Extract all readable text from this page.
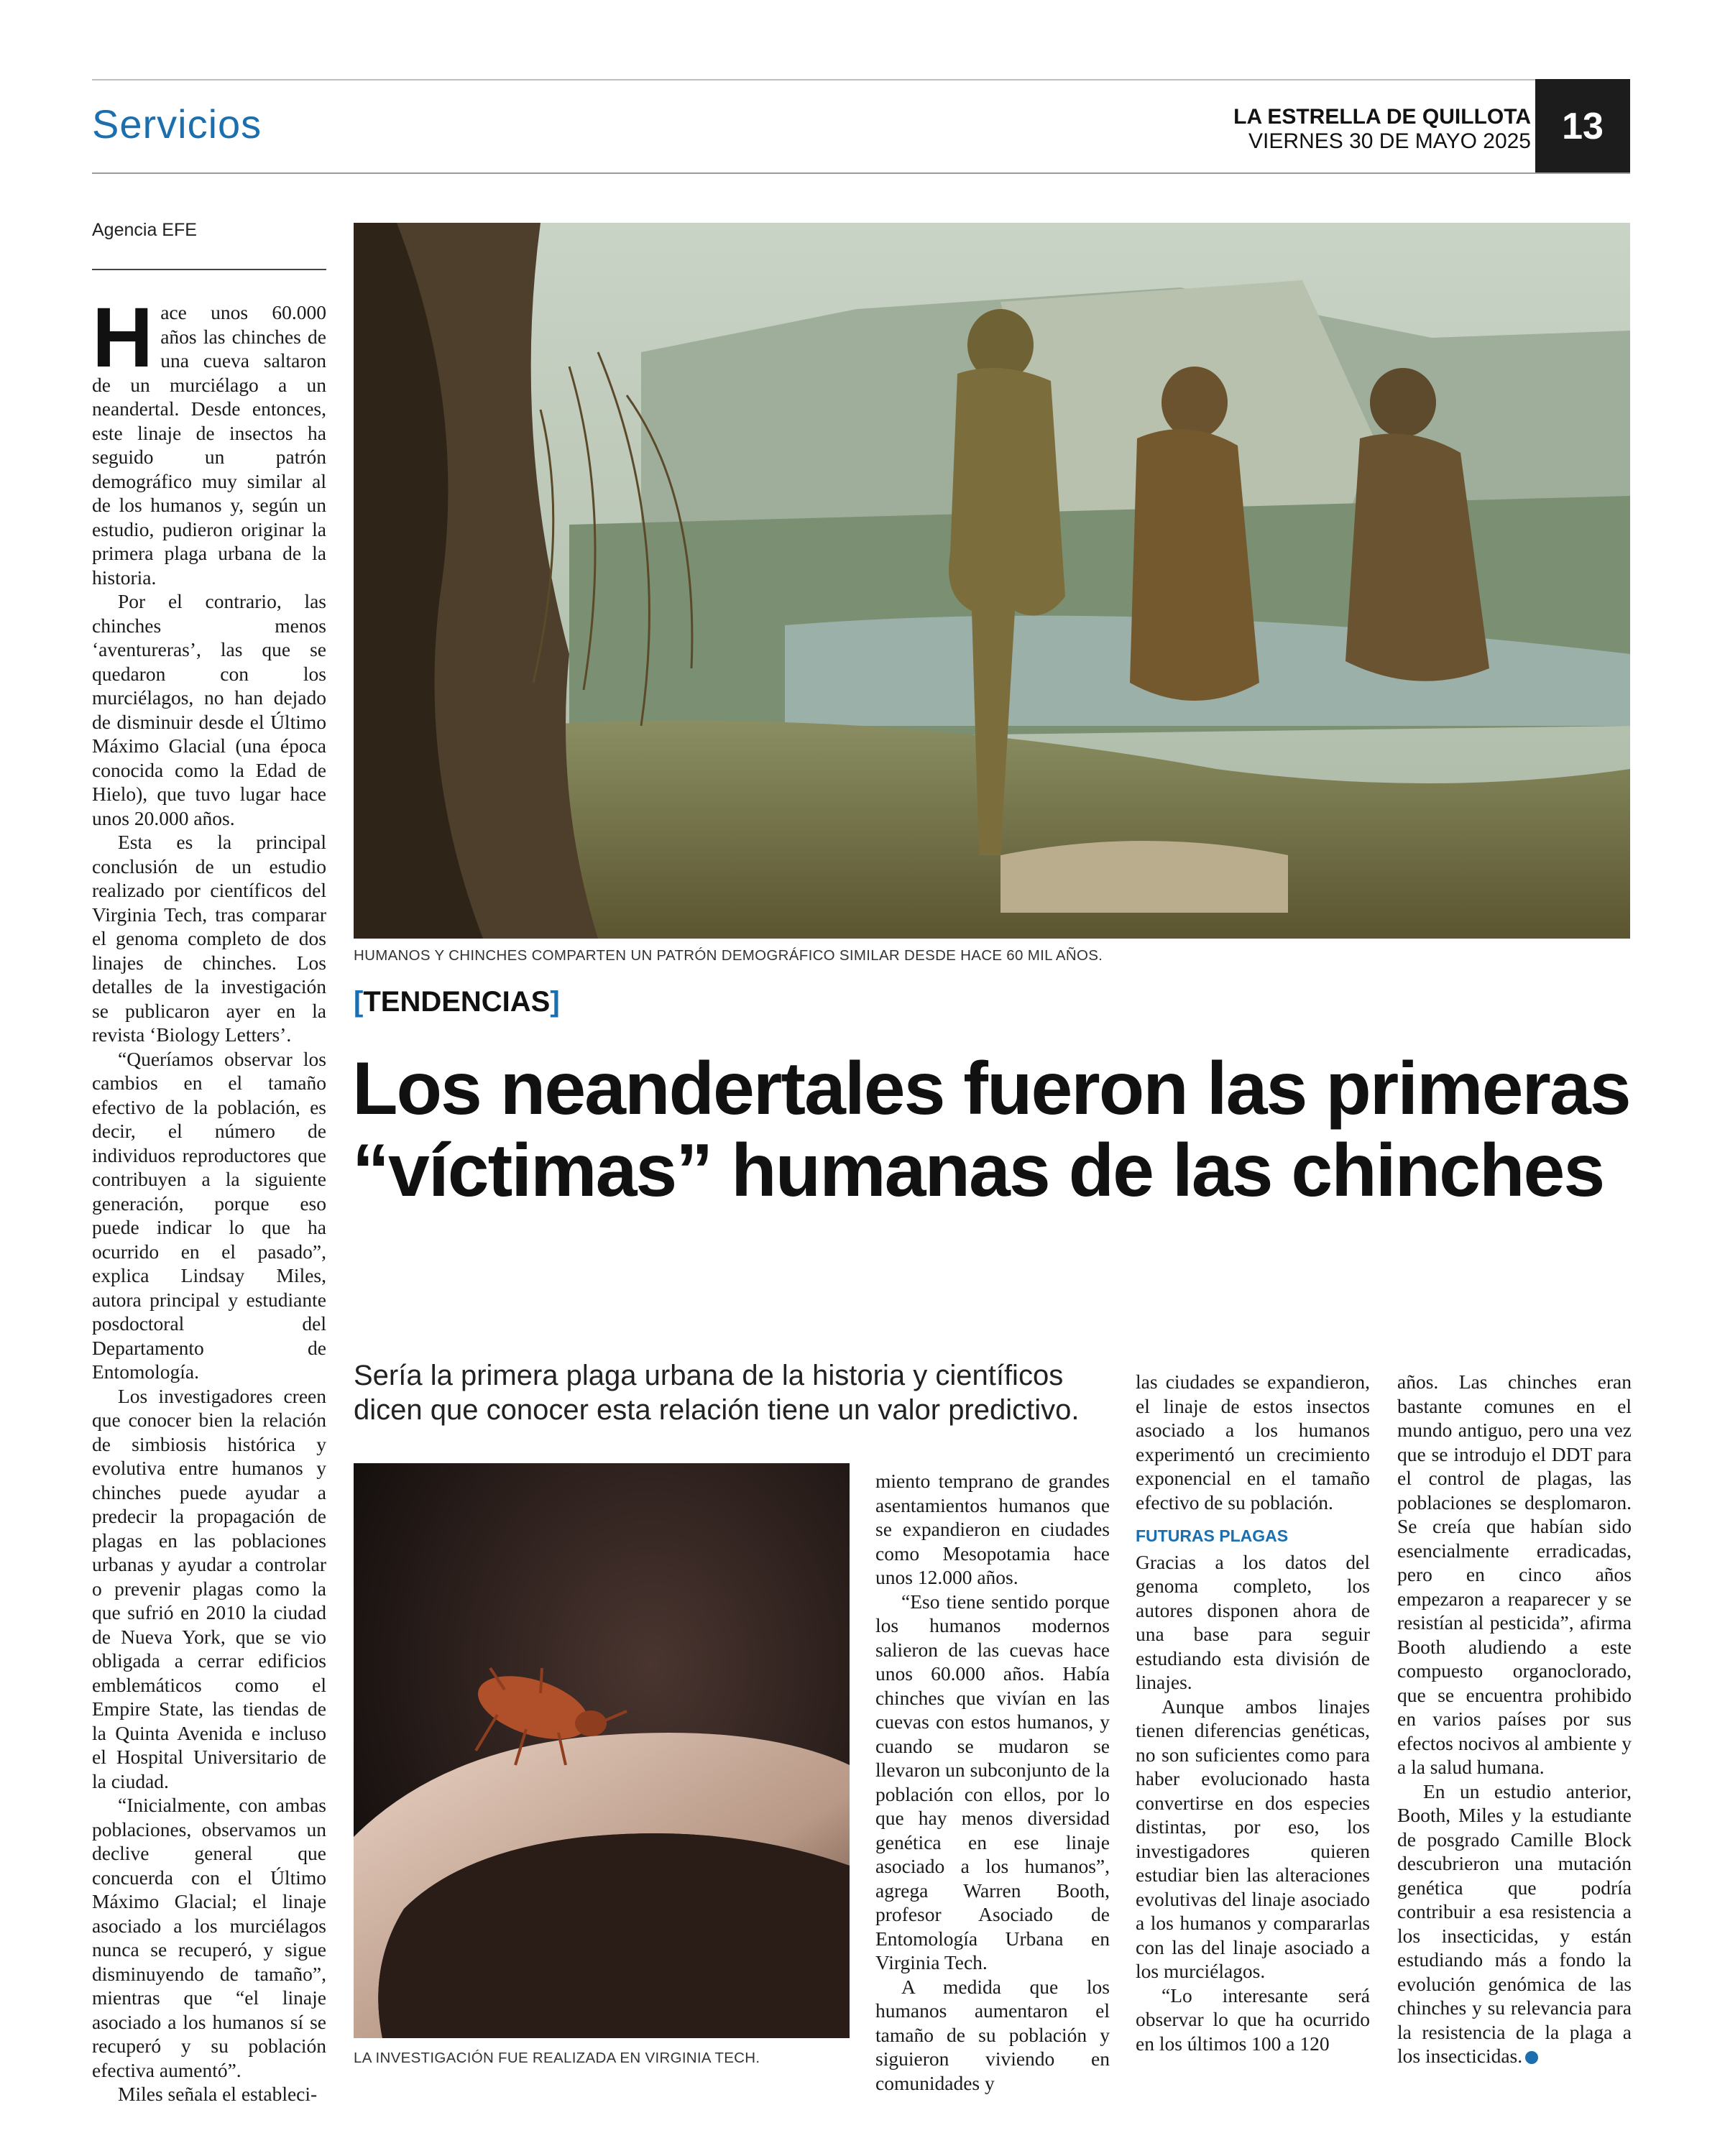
Servicios	LA ESTRELLA DE QUILLOTA
VIERNES 30 DE MAYO 2025 13
Agencia EFE

Hace unos 60.000 años las chinches de una cueva saltaron de un murciélago a un neandertal. Desde entonces, este linaje de insectos ha seguido un patrón demográfico muy similar al de los humanos y, según un estudio, pudieron originar la primera plaga urbana de la historia.

Por el contrario, las chinches menos ‘aventureras’, las que se quedaron con los murciélagos, no han dejado de disminuir desde el Último Máximo Glacial (una época conocida como la Edad de Hielo), que tuvo lugar hace unos 20.000 años.

Esta es la principal conclusión de un estudio realizado por científicos del Virginia Tech, tras comparar el genoma completo de dos linajes de chinches. Los detalles de la investigación se publicaron ayer en la revista ‘Biology Letters’.

“Queríamos observar los cambios en el tamaño efectivo de la población, es decir, el número de individuos reproductores que contribuyen a la siguiente generación, porque eso puede indicar lo que ha ocurrido en el pasado”, explica Lindsay Miles, autora principal y estudiante posdoctoral del Departamento de Entomología.

Los investigadores creen que conocer bien la relación de simbiosis histórica y evolutiva entre humanos y chinches puede ayudar a predecir la propagación de plagas en las poblaciones urbanas y ayudar a controlar o prevenir plagas como la que sufrió en 2010 la ciudad de Nueva York, que se vio obligada a cerrar edificios emblemáticos como el Empire State, las tiendas de la Quinta Avenida e incluso el Hospital Universitario de la ciudad.

“Inicialmente, con ambas poblaciones, observamos un declive general que concuerda con el Último Máximo Glacial; el linaje asociado a los murciélagos nunca se recuperó, y sigue disminuyendo de tamaño”, mientras que “el linaje asociado a los humanos sí se recuperó y su población efectiva aumentó”.

Miles señala el estableci-

HUMANOS Y CHINCHES COMPARTEN UN PATRÓN DEMOGRÁFICO SIMILAR DESDE HACE 60 MIL AÑOS.
[TENDENCIAS]
Los neandertales fueron las primeras “víctimas” humanas de las chinches
Sería la primera plaga urbana de la historia y científicos dicen que conocer esta relación tiene un valor predictivo.
LA INVESTIGACIÓN FUE REALIZADA EN VIRGINIA TECH.

miento temprano de grandes asentamientos humanos que se expandieron en ciudades como Mesopotamia hace unos 12.000 años.

“Eso tiene sentido porque los humanos modernos salieron de las cuevas hace unos 60.000 años. Había chinches que vivían en las cuevas con estos humanos, y cuando se mudaron se llevaron un subconjunto de la población con ellos, por lo que hay menos diversidad genética en ese linaje asociado a los humanos”, agrega Warren Booth, profesor Asociado de Entomología Urbana en Virginia Tech.

A medida que los humanos aumentaron el tamaño de su población y siguieron viviendo en comunidades y

las ciudades se expandieron, el linaje de estos insectos asociado a los humanos experimentó un crecimiento exponencial en el tamaño efectivo de su población.

FUTURAS PLAGAS

Gracias a los datos del genoma completo, los autores disponen ahora de una base para seguir estudiando esta división de linajes.

Aunque ambos linajes tienen diferencias genéticas, no son suficientes como para haber evolucionado hasta convertirse en dos especies distintas, por eso, los investigadores quieren estudiar bien las alteraciones evolutivas del linaje asociado a los humanos y compararlas con las del linaje asociado a los murciélagos.

“Lo interesante será observar lo que ha ocurrido en los últimos 100 a 120

años. Las chinches eran bastante comunes en el mundo antiguo, pero una vez que se introdujo el DDT para el control de plagas, las poblaciones se desplomaron. Se creía que habían sido esencialmente erradicadas, pero en cinco años empezaron a reaparecer y se resistían al pesticida”, afirma Booth aludiendo a este compuesto organoclorado, que se encuentra prohibido en varios países por sus efectos nocivos al ambiente y a la salud humana.

En un estudio anterior, Booth, Miles y la estudiante de posgrado Camille Block descubrieron una mutación genética que podría contribuir a esa resistencia a los insecticidas, y están estudiando más a fondo la evolución genómica de las chinches y su relevancia para la resistencia de la plaga a los insecticidas.
